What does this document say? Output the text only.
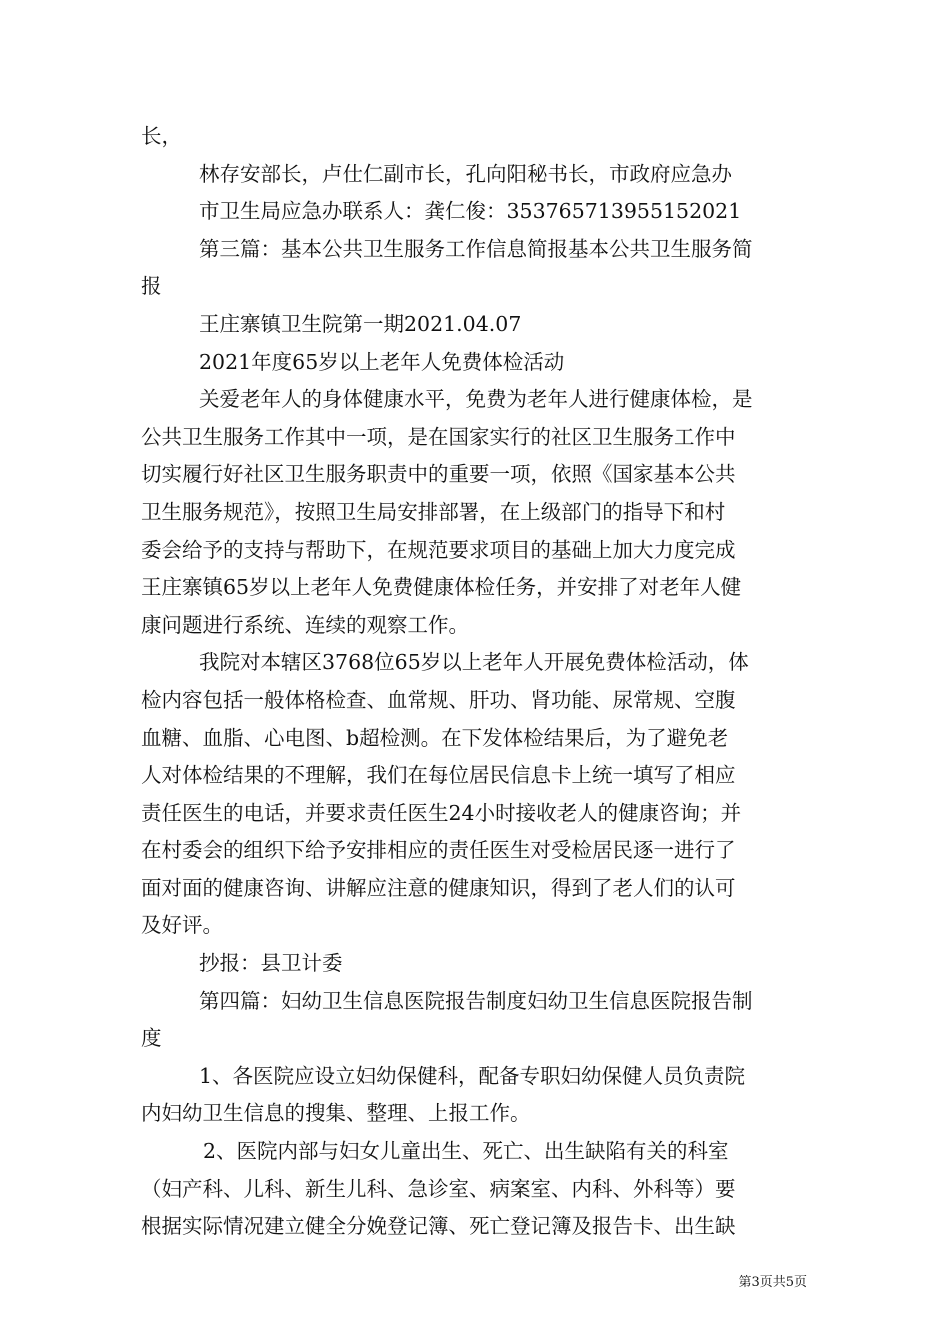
长，
林存安部长，卢仕仁副市长，孔向阳秘书长，市政府应急办
市卫生局应急办联系人：龚仁俊：353765713955152021
第三篇：基本公共卫生服务工作信息简报基本公共卫生服务简
报
王庄寨镇卫生院第一期2021.04.07
2021年度65岁以上老年人免费体检活动
关爱老年人的身体健康水平，免费为老年人进行健康体检，是
公共卫生服务工作其中一项，是在国家实行的社区卫生服务工作中
切实履行好社区卫生服务职责中的重要一项，依照《国家基本公共
卫生服务规范》，按照卫生局安排部署，在上级部门的指导下和村
委会给予的支持与帮助下，在规范要求项目的基础上加大力度完成
王庄寨镇65岁以上老年人免费健康体检任务，并安排了对老年人健
康问题进行系统、连续的观察工作。
我院对本辖区3768位65岁以上老年人开展免费体检活动，体
检内容包括一般体格检查、血常规、肝功、肾功能、尿常规、空腹
血糖、血脂、心电图、b超检测。在下发体检结果后，为了避免老
人对体检结果的不理解，我们在每位居民信息卡上统一填写了相应
责任医生的电话，并要求责任医生24小时接收老人的健康咨询；并
在村委会的组织下给予安排相应的责任医生对受检居民逐一进行了
面对面的健康咨询、讲解应注意的健康知识，得到了老人们的认可
及好评。
抄报：县卫计委
第四篇：妇幼卫生信息医院报告制度妇幼卫生信息医院报告制
度
1、各医院应设立妇幼保健科，配备专职妇幼保健人员负责院
内妇幼卫生信息的搜集、整理、上报工作。
2、医院内部与妇女儿童出生、死亡、出生缺陷有关的科室
（妇产科、儿科、新生儿科、急诊室、病案室、内科、外科等）要
根据实际情况建立健全分娩登记簿、死亡登记簿及报告卡、出生缺
第3页共5页
